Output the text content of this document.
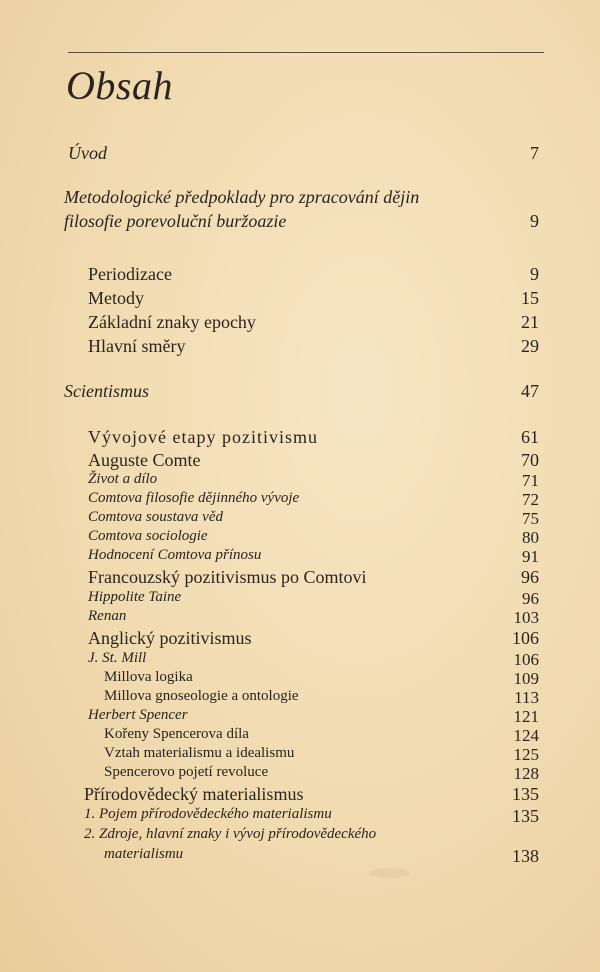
Obsah
Úvod	7
Metodologické předpoklady pro zpracování dějin
filosofie porevoluční buržoazie	9
Periodizace	9
Metody	15
Základní znaky epochy	21
Hlavní směry	29
Scientismus	47
Vývojové etapy pozitivismu	61
Auguste Comte	70
Život a dílo	71
Comtova filosofie dějinného vývoje	72
Comtova soustava věd	75
Comtova sociologie	80
Hodnocení Comtova přínosu	91
Francouzský pozitivismus po Comtovi	96
Hippolite Taine	96
Renan	103
Anglický pozitivismus	106
J. St. Mill	106
Millova logika	109
Millova gnoseologie a ontologie	113
Herbert Spencer	121
Kořeny Spencerova díla	124
Vztah materialismu a idealismu	125
Spencerovo pojetí revoluce	128
Přírodovědecký materialismus	135
1. Pojem přírodovědeckého materialismu	135
2. Zdroje, hlavní znaky i vývoj přírodovědeckého
materialismu	138
